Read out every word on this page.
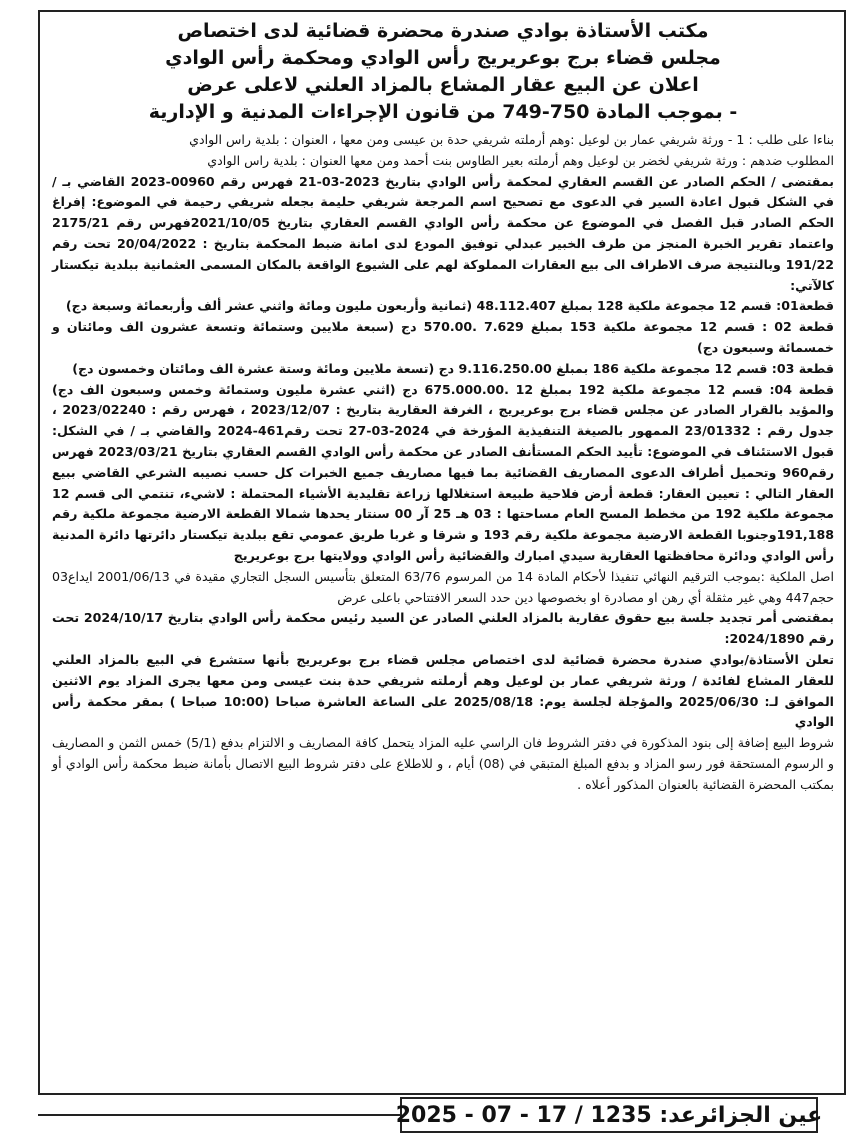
مكتب الأستاذة بوادي صندرة محضرة قضائية لدى اختصاص
مجلس قضاء برج بوعريريج رأس الوادي ومحكمة رأس الوادي
اعلان عن البيع عقار المشاع بالمزاد العلني لاعلى عرض
- بموجب المادة 750-749 من قانون الإجراءات المدنية و الإدارية

بناءا على طلب : 1 - ورثة شريفي عمار بن لوعيل :وهم أرملته شريفي حدة بن عيسى ومن معها ، العنوان : بلدية راس الوادي

المطلوب ضدهم : ورثة شريفي لخضر بن لوعيل وهم أرملته بعير الطاوس بنت أحمد ومن معها العنوان : بلدية راس الوادي

بمقتضى / الحكم الصادر عن القسم العقاري لمحكمة رأس الوادي بتاريخ 2023-03-21 فهرس رقم 00960-2023 القاضي بـ / في الشكل قبول اعادة السير في الدعوى مع تصحيح اسم المرجعة شريفي حليمة بجعله شريفي رحيمة في الموضوع: إفراغ الحكم الصادر قبل الفصل في الموضوع عن محكمة رأس الوادي القسم العقاري بتاريخ 2021/10/05فهرس رقم 2175/21 واعتماد تقرير الخبرة المنجز من طرف الخبير عبدلي توفيق المودع لدى امانة ضبط المحكمة بتاريخ : 20/04/2022 تحت رقم 191/22 وبالنتيجة صرف الاطراف الى بيع العقارات المملوكة لهم على الشيوع الواقعة بالمكان المسمى العثمانية ببلدية تيكستار كالآتي:

قطعة01: قسم 12 مجموعة ملكية 128 بمبلغ 48.112.407 (ثمانية وأربعون مليون ومائة واثني عشر ألف وأربعمائة وسبعة دج)

قطعة 02 : قسم 12 مجموعة ملكية 153 بمبلغ 7.629 .570.00 دج (سبعة ملايين وستمائة وتسعة عشرون الف ومائتان و خمسمائة وسبعون دج)

قطعة 03: قسم 12 مجموعة ملكية 186 بمبلغ 9.116.250.00 دج (تسعة ملايين ومائة وستة عشرة الف ومائتان وخمسون دج)

قطعة 04: قسم 12 مجموعة ملكية 192 بمبلغ 12 .675.000.00 دج (اثني عشرة مليون وستمائة وخمس وسبعون الف دج) والمؤيد بالقرار الصادر عن مجلس قضاء برج بوعريريج ، الغرفة العقارية بتاريخ : 2023/12/07 ، فهرس رقم : 2023/02240 ، جدول رقم : 23/01332 الممهور بالصيغة التنفيذية المؤرخة في 2024-03-27 تحت رقم461-2024 والقاضي بـ / في الشكل: قبول الاستئناف في الموضوع: تأييد الحكم المستأنف الصادر عن محكمة رأس الوادي القسم العقاري بتاريخ 2023/03/21 فهرس رقم960 وتحميل أطراف الدعوى المصاريف القضائية بما فيها مصاريف جميع الخبرات كل حسب نصيبه الشرعي القاضي ببيع العقار التالي : تعيين العقار: قطعة أرض فلاحية طبيعة استغلالها زراعة تقليدية الأشياء المحتملة : لاشيء، تنتمي الى قسم 12 مجموعة ملكية 192 من مخطط المسح العام مساحتها : 03 هـ 25 آر 00 سنتار يحدها شمالا القطعة الارضية مجموعة ملكية رقم 191,188وجنوبا القطعة الارضية مجموعة ملكية رقم 193 و شرقا و غربا طريق عمومي تقع ببلدية تيكستار دائرتها دائرة المدنية رأس الوادي ودائرة محافظتها العقارية سيدي امبارك والقضائية رأس الوادي وولايتها برج بوعريريج

اصل الملكية :بموجب الترقيم النهائي تنفيذا لأحكام المادة 14 من المرسوم 63/76 المتعلق بتأسيس السجل التجاري مقيدة في 2001/06/13 ايداع03 حجم447 وهي غير مثقلة أي رهن او مصادرة او بخصوصها دين حدد السعر الافتتاحي باعلى عرض

بمقتضى أمر تجديد جلسة بيع حقوق عقارية بالمزاد العلني الصادر عن السيد رئيس محكمة رأس الوادي بتاريخ 2024/10/17 تحت رقم 2024/1890:

تعلن الأستاذة/بوادي صندرة محضرة قضائية لدى اختصاص مجلس قضاء برج بوعريريج بأنها ستشرع في البيع بالمزاد العلني للعقار المشاع لفائدة / ورثة شريفي عمار بن لوعيل وهم أرملته شريفي حدة بنت عيسى ومن معها يجرى المزاد يوم الاثنين الموافق لـ: 2025/06/30 والمؤجلة لجلسة يوم: 2025/08/18 على الساعة العاشرة صباحا (10:00 صباحا ) بمقر محكمة رأس الوادي

شروط البيع إضافة إلى بنود المذكورة في دفتر الشروط فان الراسي عليه المزاد يتحمل كافة المصاريف و الالتزام بدفع (5/1) خمس الثمن و المصاريف و الرسوم المستحقة فور رسو المزاد و بدفع المبلغ المتبقي في (08) أيام ، و للاطلاع على دفتر شروط البيع الاتصال بأمانة ضبط محكمة رأس الوادي أو بمكتب المحضرة القضائية بالعنوان المذكور أعلاه .

عين الجزائرعد: 1235 / 17 - 07 - 2025
